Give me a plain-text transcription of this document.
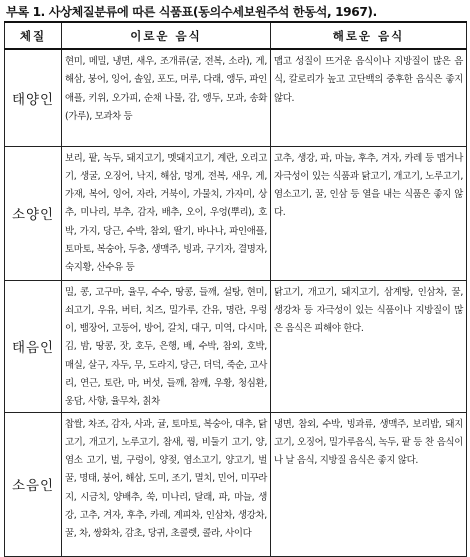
부록 1. 사상체질분류에 따른 식품표(동의수세보원주석 한동석, 1967).
체질	이로운 음식	해로운 음식
태양인	현미, 메밀, 냉면, 새우, 조개류(굴, 전복, 소라), 게, 해삼, 붕어, 잉어, 솔잎, 포도, 머루, 다래, 앵두, 파인애플, 키위, 오가피, 순채 나물, 감, 앵두, 모과, 송화(가루), 모과차 등	맵고 성질이 뜨거운 음식이나 지방질이 많은 음식, 칼로리가 높고 고단백의 중후한 음식은 좋지 않다.
소양인	보리, 팥, 녹두, 돼지고기, 멧돼지고기, 계란, 오리고기, 생굴, 오징어, 낙지, 해삼, 멍게, 전복, 새우, 게, 가재, 복어, 잉어, 자라, 거북이, 가물치, 가자미, 상추, 미나리, 부추, 감자, 배추, 오이, 우엉(뿌리), 호박, 가지, 당근, 수박, 참외, 딸기, 바나나, 파인애플, 토마토, 복숭아, 두충, 생맥주, 빙과, 구기자, 결명자, 숙지황, 산수유 등	고추, 생강, 파, 마늘, 후추, 겨자, 카레 등 맵거나 자극성이 있는 식품과 닭고기, 개고기, 노루고기, 염소고기, 꿀, 인삼 등 열을 내는 식품은 좋지 않다.
태음인	밀, 콩, 고구마, 율무, 수수, 땅콩, 들깨, 설탕, 현미, 쇠고기, 우유, 버터, 치즈, 밀가루, 간유, 명란, 우렁이, 뱀장어, 고등어, 방어, 갈치, 대구, 미역, 다시마, 김, 밤, 땅콩, 잣, 호두, 은행, 배, 수박, 참외, 호박, 매실, 살구, 자두, 무, 도라지, 당근, 더덕, 죽순, 고사리, 연근, 토란, 마, 버섯, 들깨, 참깨, 우황, 청심환, 웅담, 사향, 율무차, 칡차	닭고기, 개고기, 돼지고기, 삼계탕, 인삼차, 꿀, 생강차 등 자극성이 있는 식품이나 지방질이 많은 음식은 피해야 한다.
소음인	찹쌀, 차조, 감자, 사과, 귤, 토마토, 복숭아, 대추, 닭고기, 개고기, 노루고기, 참새, 꿩, 비둘기 고기, 양, 염소 고기, 벌, 구렁이, 양젖, 염소고기, 양고기, 벌꿀, 명태, 붕어, 해삼, 도미, 조기, 멸치, 민어, 미꾸라지, 시금치, 양배추, 쑥, 미나리, 달래, 파, 마늘, 생강, 고추, 겨자, 후추, 카레, 계피차, 인삼차, 생강차, 꿀, 차, 쌍화차, 감초, 당귀, 초콜렛, 콜라, 사이다	냉면, 참외, 수박, 빙과류, 생맥주, 보리밥, 돼지고기, 오징어, 밀가루음식, 녹두, 팥 등 찬 음식이나 날 음식, 지방질 음식은 좋지 않다.
